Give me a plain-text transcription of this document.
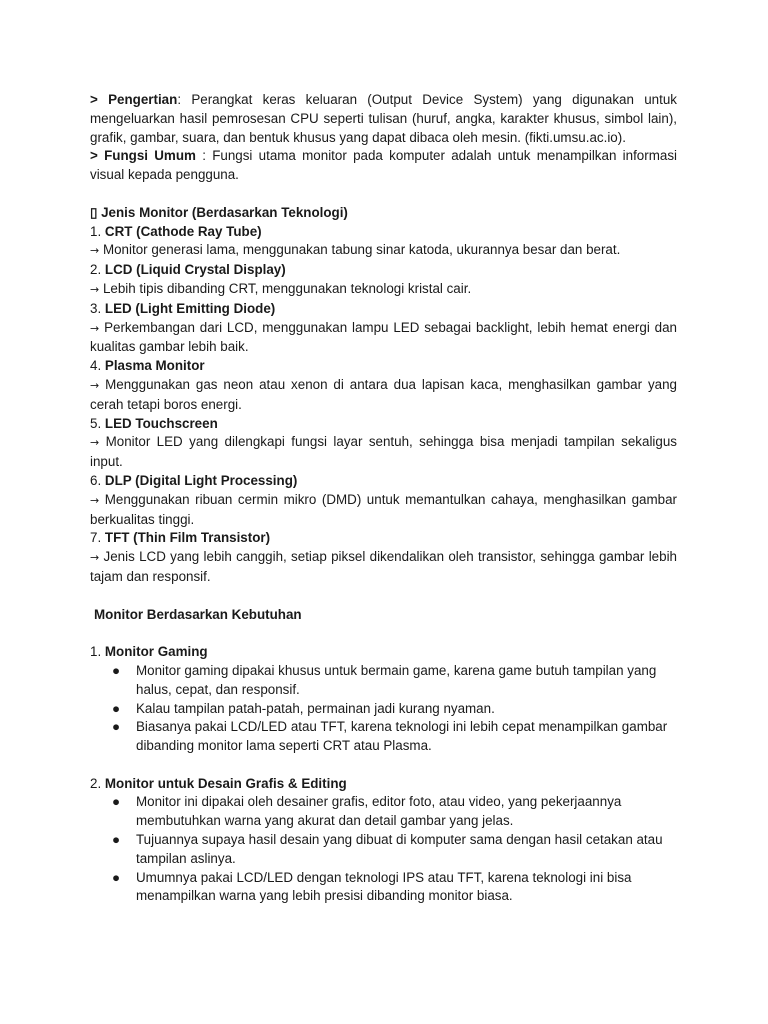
> Pengertian: Perangkat keras keluaran (Output Device System) yang digunakan untuk mengeluarkan hasil pemrosesan CPU seperti tulisan (huruf, angka, karakter khusus, simbol lain), grafik, gambar, suara, dan bentuk khusus yang dapat dibaca oleh mesin. (fikti.umsu.ac.io).

> Fungsi Umum : Fungsi utama monitor pada komputer adalah untuk menampilkan informasi visual kepada pengguna.

▯ Jenis Monitor (Berdasarkan Teknologi)

1. CRT (Cathode Ray Tube)

→ Monitor generasi lama, menggunakan tabung sinar katoda, ukurannya besar dan berat.

2. LCD (Liquid Crystal Display)

→ Lebih tipis dibanding CRT, menggunakan teknologi kristal cair.

3. LED (Light Emitting Diode)

→ Perkembangan dari LCD, menggunakan lampu LED sebagai backlight, lebih hemat energi dan kualitas gambar lebih baik.

4. Plasma Monitor

→ Menggunakan gas neon atau xenon di antara dua lapisan kaca, menghasilkan gambar yang cerah tetapi boros energi.

5. LED Touchscreen

→ Monitor LED yang dilengkapi fungsi layar sentuh, sehingga bisa menjadi tampilan sekaligus input.

6. DLP (Digital Light Processing)

→ Menggunakan ribuan cermin mikro (DMD) untuk memantulkan cahaya, menghasilkan gambar berkualitas tinggi.

7. TFT (Thin Film Transistor)

→ Jenis LCD yang lebih canggih, setiap piksel dikendalikan oleh transistor, sehingga gambar lebih tajam dan responsif.

Monitor Berdasarkan Kebutuhan

1. Monitor Gaming

● Monitor gaming dipakai khusus untuk bermain game, karena game butuh tampilan yang halus, cepat, dan responsif.
● Kalau tampilan patah-patah, permainan jadi kurang nyaman.
● Biasanya pakai LCD/LED atau TFT, karena teknologi ini lebih cepat menampilkan gambar dibanding monitor lama seperti CRT atau Plasma.

2. Monitor untuk Desain Grafis & Editing

● Monitor ini dipakai oleh desainer grafis, editor foto, atau video, yang pekerjaannya membutuhkan warna yang akurat dan detail gambar yang jelas.
● Tujuannya supaya hasil desain yang dibuat di komputer sama dengan hasil cetakan atau tampilan aslinya.
● Umumnya pakai LCD/LED dengan teknologi IPS atau TFT, karena teknologi ini bisa menampilkan warna yang lebih presisi dibanding monitor biasa.
